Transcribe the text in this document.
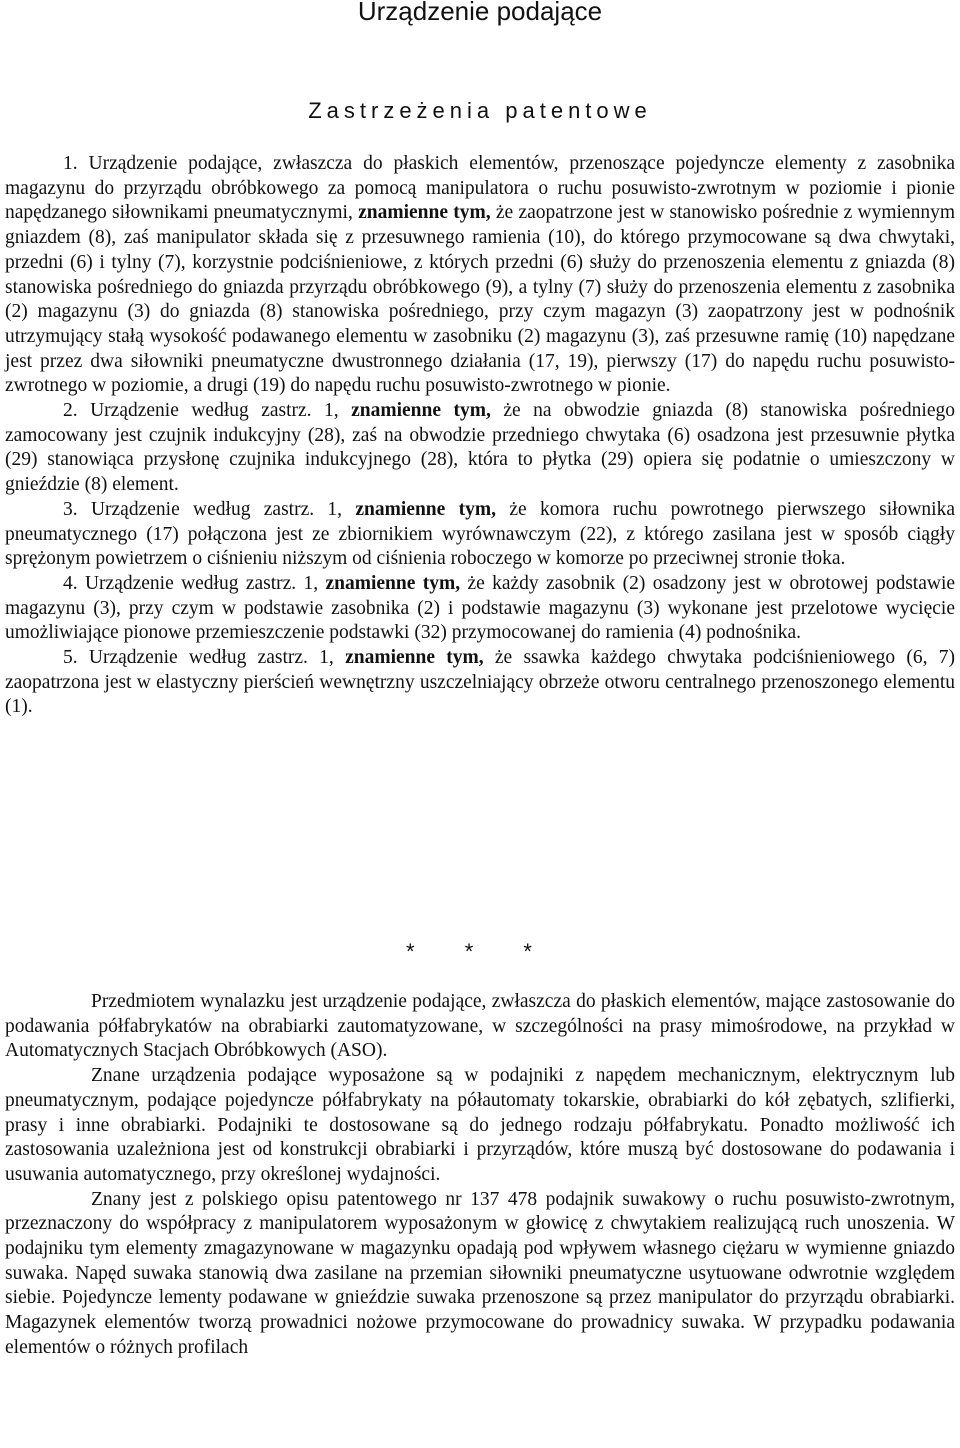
Urządzenie podające
Zastrzeżenia patentowe

1. Urządzenie podające, zwłaszcza do płaskich elementów, przenoszące pojedyncze elementy z zasobnika magazynu do przyrządu obróbkowego za pomocą manipulatora o ruchu posuwisto-zwrotnym w poziomie i pionie napędzanego siłownikami pneumatycznymi, znamienne tym, że zaopatrzone jest w stanowisko pośrednie z wymiennym gniazdem (8), zaś manipulator składa się z przesuwnego ramienia (10), do którego przymocowane są dwa chwytaki, przedni (6) i tylny (7), korzystnie podciśnieniowe, z których przedni (6) służy do przenoszenia elementu z gniazda (8) stanowiska pośredniego do gniazda przyrządu obróbkowego (9), a tylny (7) służy do przenoszenia elementu z zasobnika (2) magazynu (3) do gniazda (8) stanowiska pośredniego, przy czym magazyn (3) zaopatrzony jest w podnośnik utrzymujący stałą wysokość podawanego elementu w zasobniku (2) magazynu (3), zaś przesuwne ramię (10) napędzane jest przez dwa siłowniki pneumatyczne dwustronnego działania (17, 19), pierwszy (17) do napędu ruchu posuwisto-zwrotnego w poziomie, a drugi (19) do napędu ruchu posuwisto-zwrotnego w pionie.

2. Urządzenie według zastrz. 1, znamienne tym, że na obwodzie gniazda (8) stanowiska pośredniego zamocowany jest czujnik indukcyjny (28), zaś na obwodzie przedniego chwytaka (6) osadzona jest przesuwnie płytka (29) stanowiąca przysłonę czujnika indukcyjnego (28), która to płytka (29) opiera się podatnie o umieszczony w gnieździe (8) element.

3. Urządzenie według zastrz. 1, znamienne tym, że komora ruchu powrotnego pierwszego siłownika pneumatycznego (17) połączona jest ze zbiornikiem wyrównawczym (22), z którego zasilana jest w sposób ciągły sprężonym powietrzem o ciśnieniu niższym od ciśnienia roboczego w komorze po przeciwnej stronie tłoka.

4. Urządzenie według zastrz. 1, znamienne tym, że każdy zasobnik (2) osadzony jest w obrotowej podstawie magazynu (3), przy czym w podstawie zasobnika (2) i podstawie magazynu (3) wykonane jest przelotowe wycięcie umożliwiające pionowe przemieszczenie podstawki (32) przymocowanej do ramienia (4) podnośnika.

5. Urządzenie według zastrz. 1, znamienne tym, że ssawka każdego chwytaka podciśnieniowego (6, 7) zaopatrzona jest w elastyczny pierścień wewnętrzny uszczelniający obrzeże otworu centralnego przenoszonego elementu (1).

* * *

Przedmiotem wynalazku jest urządzenie podające, zwłaszcza do płaskich elementów, mające zastosowanie do podawania półfabrykatów na obrabiarki zautomatyzowane, w szczególności na prasy mimośrodowe, na przykład w Automatycznych Stacjach Obróbkowych (ASO).

Znane urządzenia podające wyposażone są w podajniki z napędem mechanicznym, elektrycznym lub pneumatycznym, podające pojedyncze półfabrykaty na półautomaty tokarskie, obrabiarki do kół zębatych, szlifierki, prasy i inne obrabiarki. Podajniki te dostosowane są do jednego rodzaju półfabrykatu. Ponadto możliwość ich zastosowania uzależniona jest od konstrukcji obrabiarki i przyrządów, które muszą być dostosowane do podawania i usuwania automatycznego, przy określonej wydajności.

Znany jest z polskiego opisu patentowego nr 137 478 podajnik suwakowy o ruchu posuwisto-zwrotnym, przeznaczony do współpracy z manipulatorem wyposażonym w głowicę z chwytakiem realizującą ruch unoszenia. W podajniku tym elementy zmagazynowane w magazynku opadają pod wpływem własnego ciężaru w wymienne gniazdo suwaka. Napęd suwaka stanowią dwa zasilane na przemian siłowniki pneumatyczne usytuowane odwrotnie względem siebie. Pojedyncze lementy podawane w gnieździe suwaka przenoszone są przez manipulator do przyrządu obrabiarki. Magazynek elementów tworzą prowadnici nożowe przymocowane do prowadnicy suwaka. W przypadku podawania elementów o różnych profilach
